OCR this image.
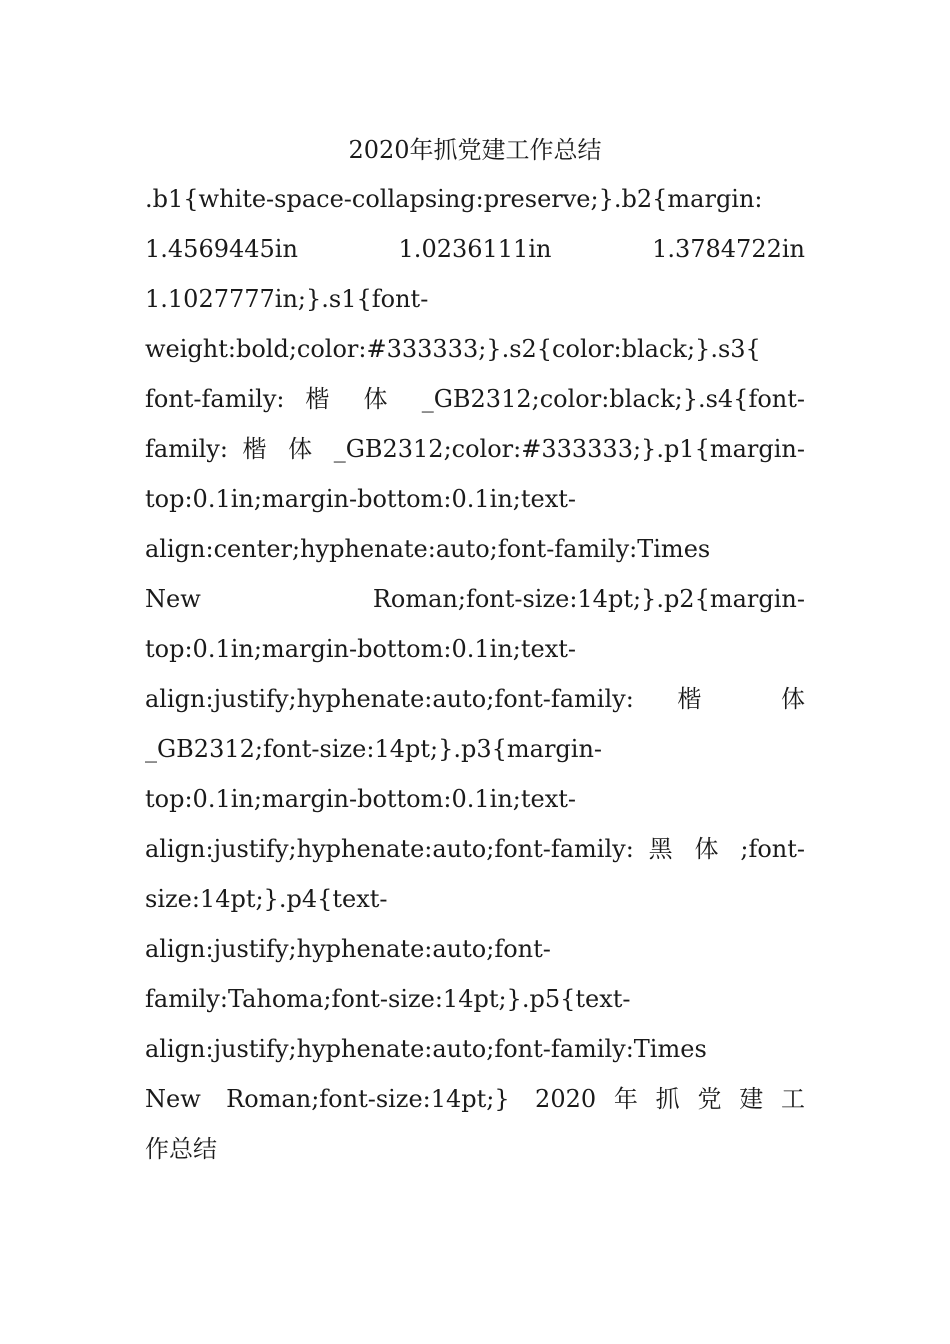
2020年抓党建工作总结
.b1{white-space-collapsing:preserve;}.b2{margin:
1.4569445in 1.0236111in 1.3784722in
1.1027777in;}.s1{font-
weight:bold;color:#333333;}.s2{color:black;}.s3{
font-family: 楷 体 _GB2312;color:black;}.s4{font-
family: 楷 体 _GB2312;color:#333333;}.p1{margin-
top:0.1in;margin-bottom:0.1in;text-
align:center;hyphenate:auto;font-family:Times
New Roman;font-size:14pt;}.p2{margin-
top:0.1in;margin-bottom:0.1in;text-
align:justify;hyphenate:auto;font-family: 楷 体
_GB2312;font-size:14pt;}.p3{margin-
top:0.1in;margin-bottom:0.1in;text-
align:justify;hyphenate:auto;font-family: 黑 体 ;font-
size:14pt;}.p4{text-
align:justify;hyphenate:auto;font-
family:Tahoma;font-size:14pt;}.p5{text-
align:justify;hyphenate:auto;font-family:Times
New Roman;font-size:14pt;} 2020年抓党建工
作总结
